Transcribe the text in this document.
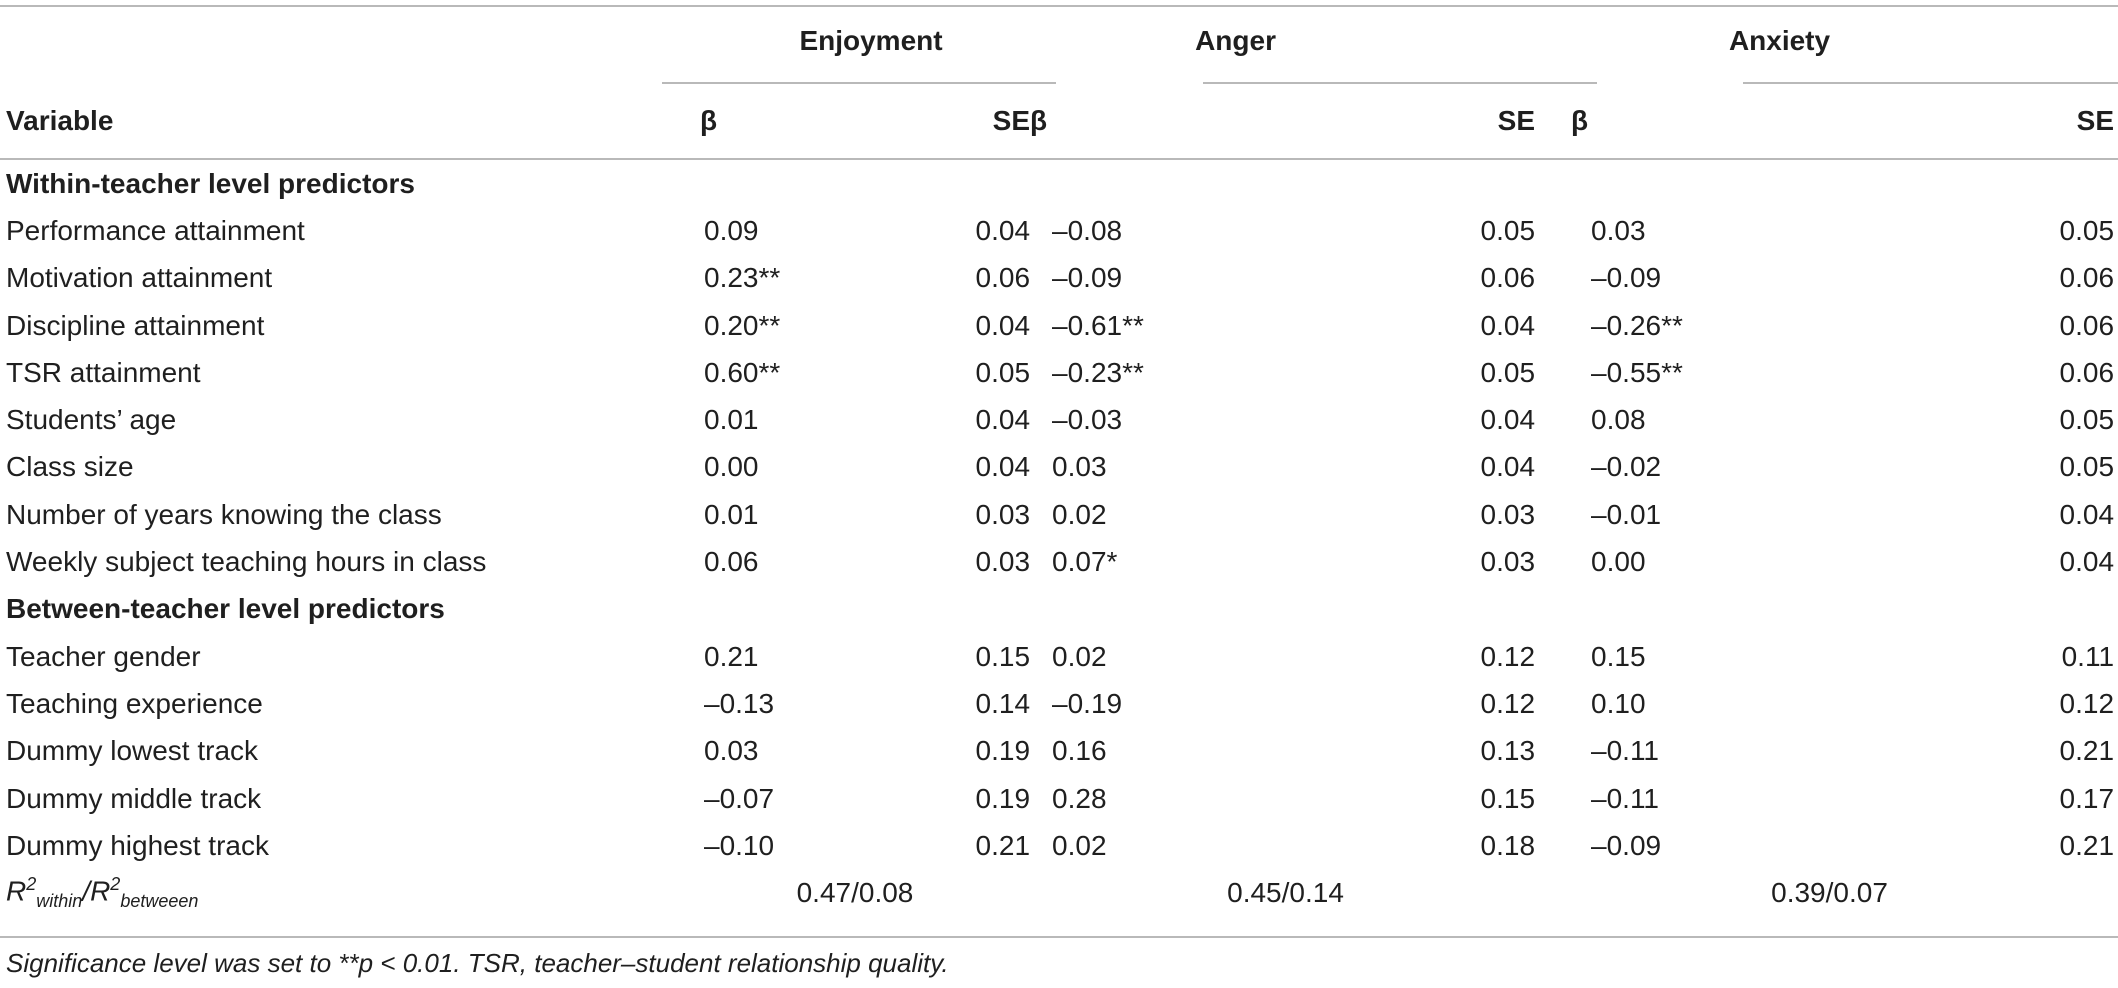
	Enjoyment		Anger		Anxiety	
Variable	β	SE	β	SE	β	SE
Within-teacher level predictors						
Performance attainment	0.09	0.04	–0.08	0.05	0.03	0.05
Motivation attainment	0.23**	0.06	–0.09	0.06	–0.09	0.06
Discipline attainment	0.20**	0.04	–0.61**	0.04	–0.26**	0.06
TSR attainment	0.60**	0.05	–0.23**	0.05	–0.55**	0.06
Students’ age	0.01	0.04	–0.03	0.04	0.08	0.05
Class size	0.00	0.04	0.03	0.04	–0.02	0.05
Number of years knowing the class	0.01	0.03	0.02	0.03	–0.01	0.04
Weekly subject teaching hours in class	0.06	0.03	0.07*	0.03	0.00	0.04
Between-teacher level predictors						
Teacher gender	0.21	0.15	0.02	0.12	0.15	0.11
Teaching experience	–0.13	0.14	–0.19	0.12	0.10	0.12
Dummy lowest track	0.03	0.19	0.16	0.13	–0.11	0.21
Dummy middle track	–0.07	0.19	0.28	0.15	–0.11	0.17
Dummy highest track	–0.10	0.21	0.02	0.18	–0.09	0.21
$R^2_{within}/R^2_{betweeen}$	0.47/0.08		0.45/0.14		0.39/0.07	
Significance level was set to **p < 0.01. TSR, teacher–student relationship quality.
